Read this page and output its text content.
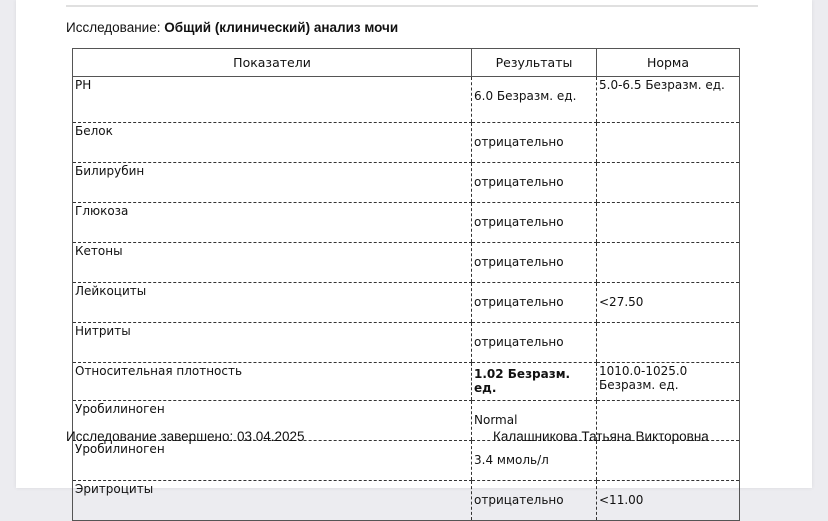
Исследование: Общий (клинический) анализ мочи
Показатели	Результаты	Норма
PH	6.0 Безразм. ед.	5.0-6.5 Безразм. ед.
Белок	отрицательно	
Билирубин	отрицательно	
Глюкоза	отрицательно	
Кетоны	отрицательно	
Лейкоциты	отрицательно	<27.50
Нитриты	отрицательно	
Относительная плотность	1.02 Безразм. ед.	1010.0-1025.0 Безразм. ед.
Уробилиноген	Normal	
Уробилиноген	3.4 ммоль/л	
Эритроциты	отрицательно	<11.00
Исследование завершено: 03.04.2025	Калашникова Татьяна Викторовна
